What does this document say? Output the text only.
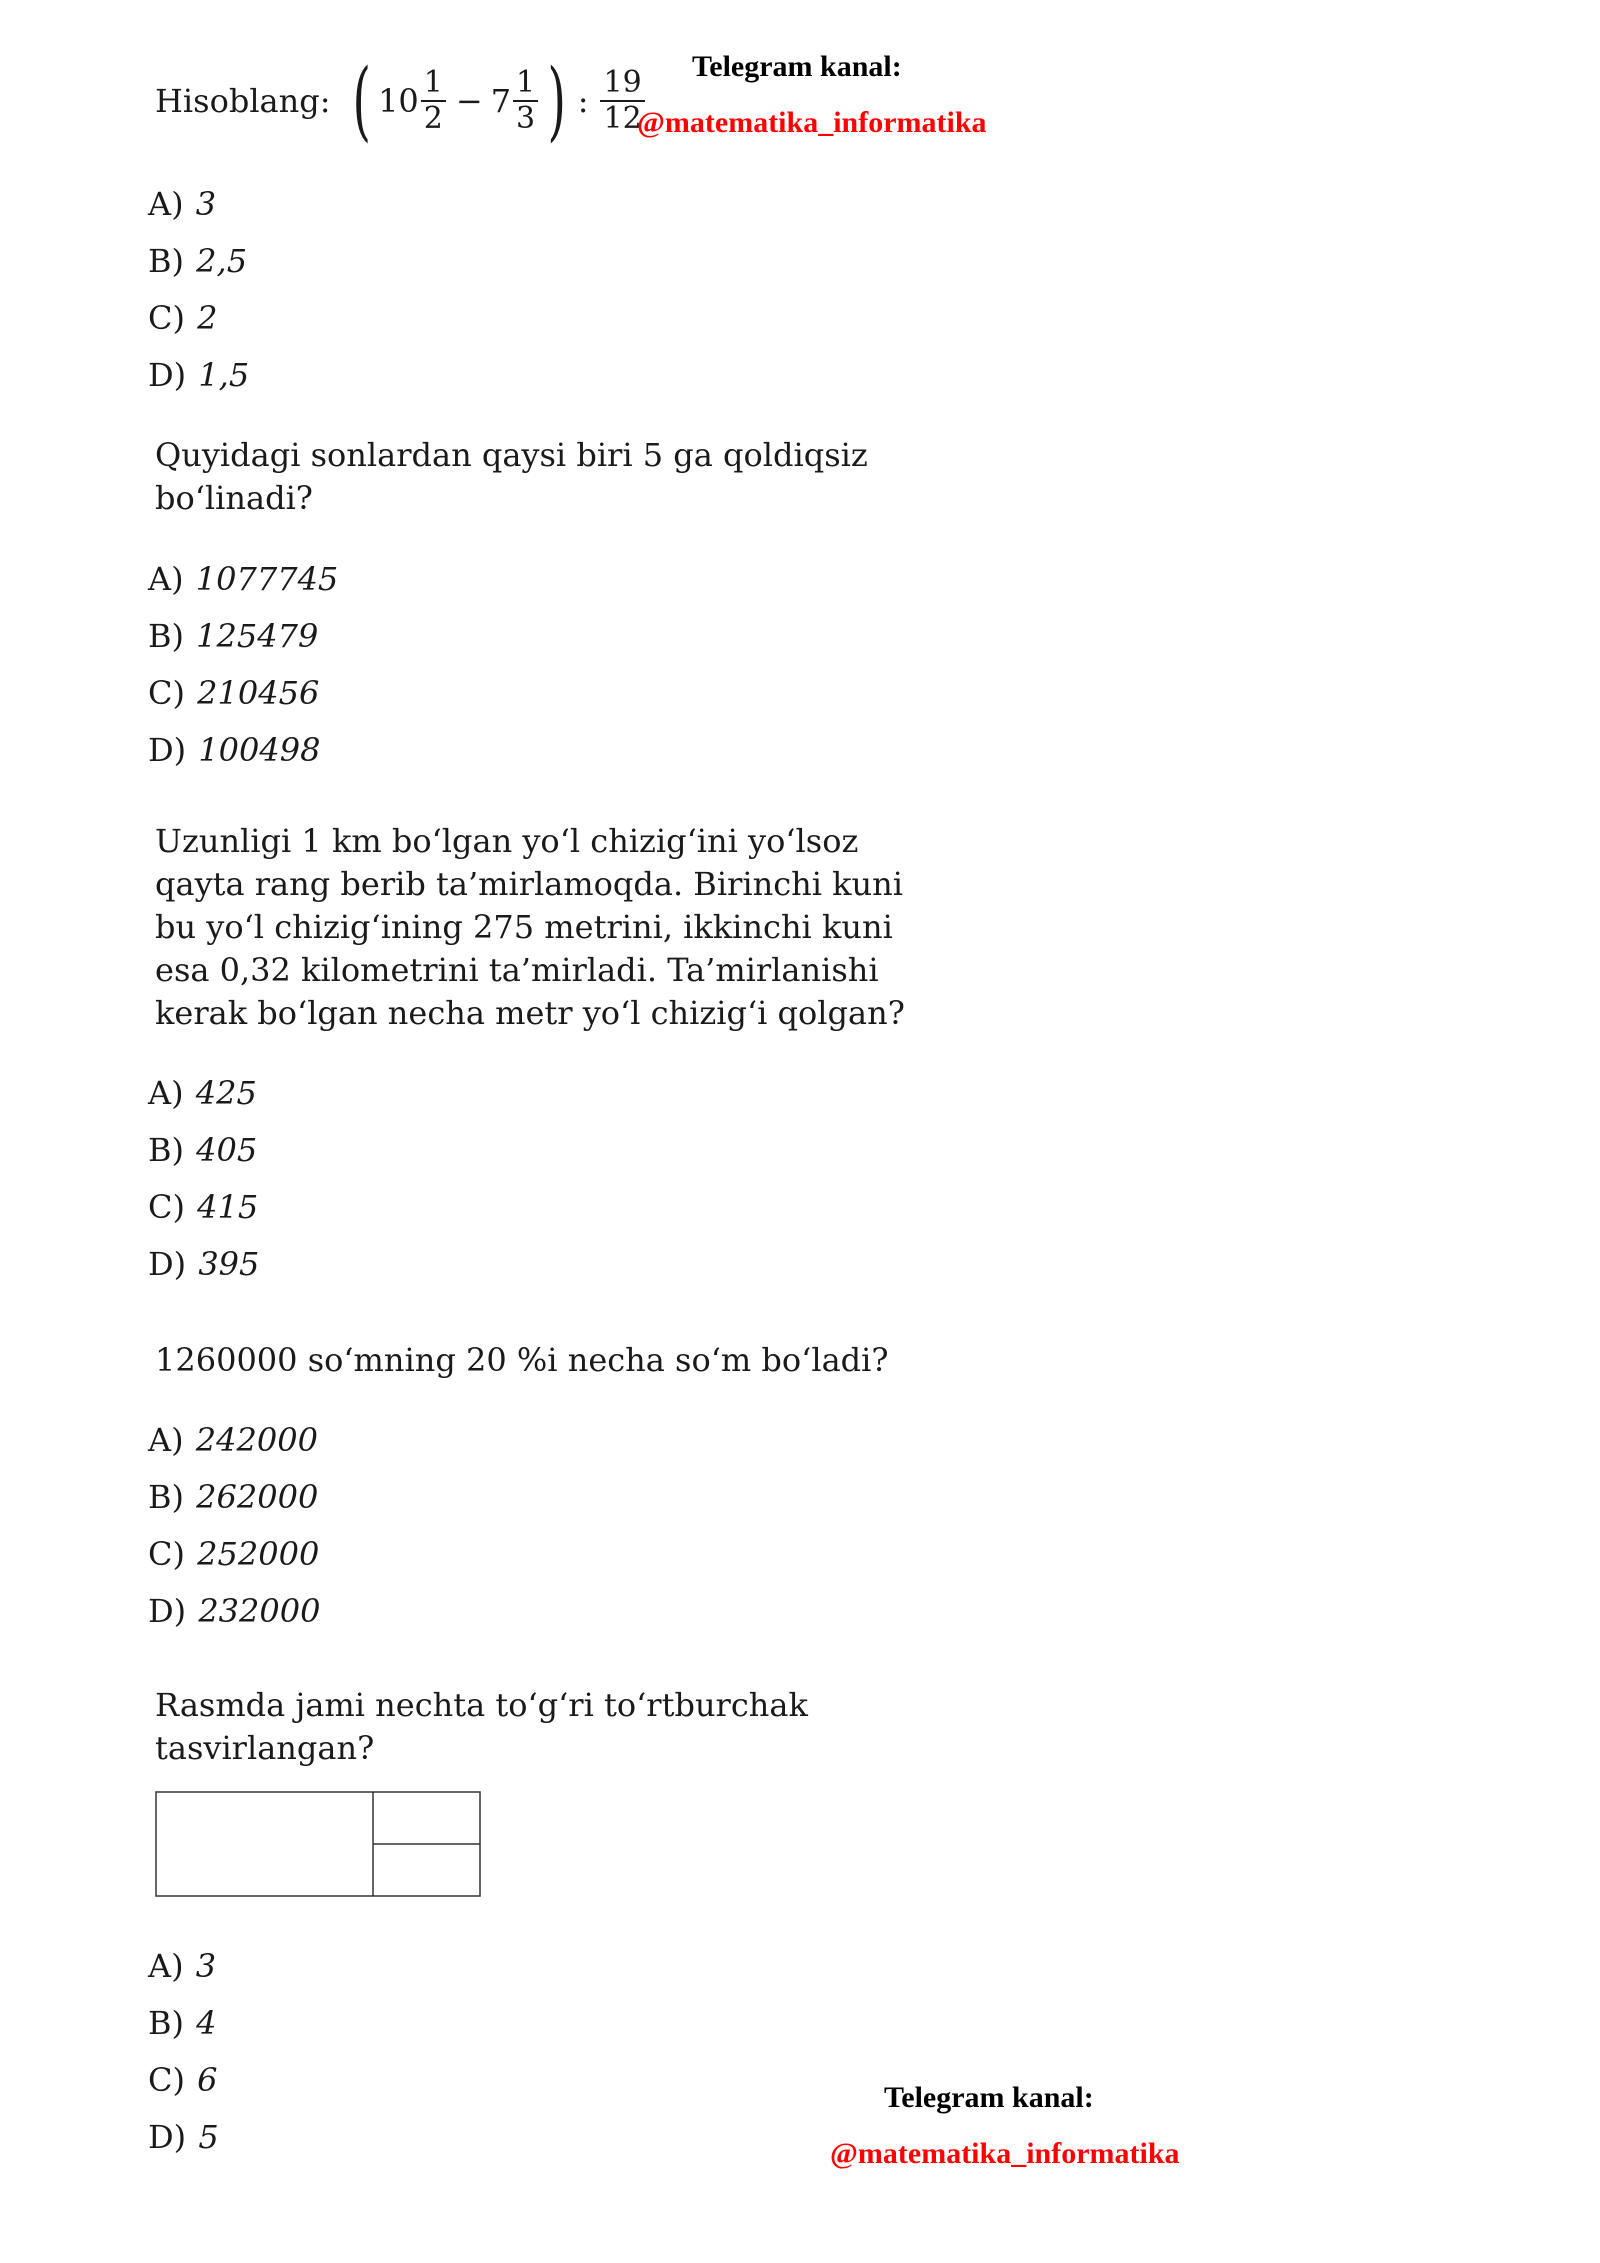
Telegram kanal:
@matematika_informatika
Hisoblang: ( $10 \frac{1}{2} - 7 \frac{1}{3}$ ) : $\frac{19}{12}$
A) 3
B) 2,5
C) 2
D) 1,5
Quyidagi sonlardan qaysi biri 5 ga qoldiqsiz
bo‘linadi?
A) 1077745
B) 125479
C) 210456
D) 100498
Uzunligi 1 km bo‘lgan yo‘l chizig‘ini yo‘lsoz
qayta rang berib ta’mirlamoqda. Birinchi kuni
bu yo‘l chizig‘ining 275 metrini, ikkinchi kuni
esa 0,32 kilometrini ta’mirladi. Ta’mirlanishi
kerak bo‘lgan necha metr yo‘l chizig‘i qolgan?
A) 425
B) 405
C) 415
D) 395
1260000 so‘mning 20 %i necha so‘m bo‘ladi?
A) 242000
B) 262000
C) 252000
D) 232000
Rasmda jami nechta to‘g‘ri to‘rtburchak
tasvirlangan?
A) 3
B) 4
C) 6
D) 5
Telegram kanal:
@matematika_informatika
